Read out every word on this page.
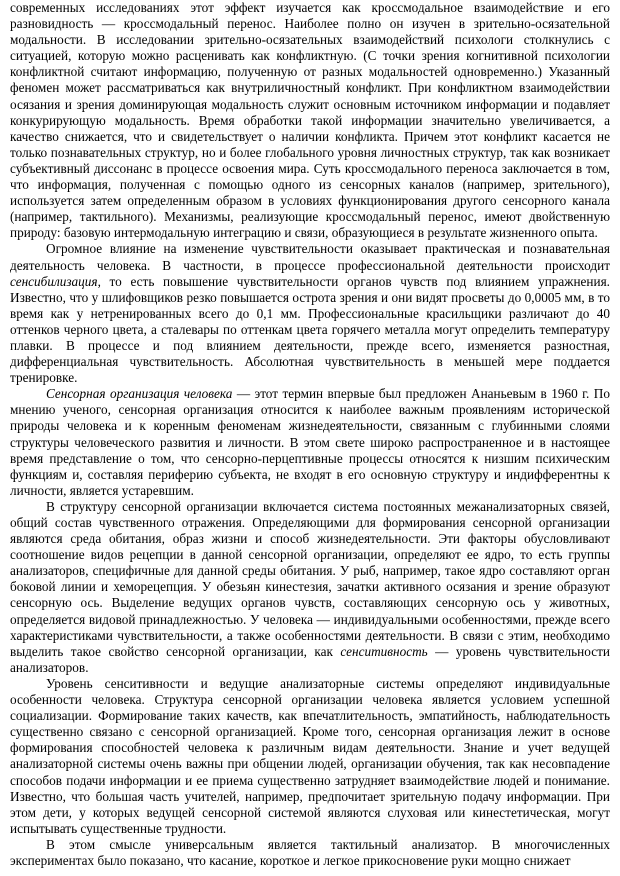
современных исследованиях этот эффект изучается как кроссмодальное взаимодействие и его разновидность — кроссмодальный перенос. Наиболее полно он изучен в зрительно-осязательной модальности. В исследовании зрительно-осязательных взаимодействий психологи столкнулись с ситуацией, которую можно расценивать как конфликтную. (С точки зрения когнитивной психологии конфликтной считают информацию, полученную от разных модальностей одновременно.) Указанный феномен может рассматриваться как внутриличностный конфликт. При конфликтном взаимодействии осязания и зрения доминирующая модальность служит основным источником информации и подавляет конкурирующую модальность. Время обработки такой информации значительно увеличивается, а качество снижается, что и свидетельствует о наличии конфликта. Причем этот конфликт касается не только познавательных структур, но и более глобального уровня личностных структур, так как возникает субъективный диссонанс в процессе освоения мира. Суть кроссмодального переноса заключается в том, что информация, полученная с помощью одного из сенсорных каналов (например, зрительного), используется затем определенным образом в условиях функционирования другого сенсорного канала (например, тактильного). Механизмы, реализующие кроссмодальный перенос, имеют двойственную природу: базовую интермодальную интеграцию и связи, образующиеся в результате жизненного опыта.

Огромное влияние на изменение чувствительности оказывает практическая и познавательная деятельность человека. В частности, в процессе профессиональной деятельности происходит сенсибилизация, то есть повышение чувствительности органов чувств под влиянием упражнения. Известно, что у шлифовщиков резко повышается острота зрения и они видят просветы до 0,0005 мм, в то время как у нетренированных всего до 0,1 мм. Профессиональные красильщики различают до 40 оттенков черного цвета, а сталевары по оттенкам цвета горячего металла могут определить температуру плавки. В процессе и под влиянием деятельности, прежде всего, изменяется разностная, дифференциальная чувствительность. Абсолютная чувствительность в меньшей мере поддается тренировке.

Сенсорная организация человека — этот термин впервые был предложен Ананьевым в 1960 г. По мнению ученого, сенсорная организация относится к наиболее важным проявлениям исторической природы человека и к коренным феноменам жизнедеятельности, связанным с глубинными слоями структуры человеческого развития и личности. В этом свете широко распространенное и в настоящее время представление о том, что сенсорно-перцептивные процессы относятся к низшим психическим функциям и, составляя периферию субъекта, не входят в его основную структуру и индифферентны к личности, является устаревшим.

В структуру сенсорной организации включается система постоянных межанализаторных связей, общий состав чувственного отражения. Определяющими для формирования сенсорной организации являются среда обитания, образ жизни и способ жизнедеятельности. Эти факторы обусловливают соотношение видов рецепции в данной сенсорной организации, определяют ее ядро, то есть группы анализаторов, специфичные для данной среды обитания. У рыб, например, такое ядро составляют орган боковой линии и хеморецепция. У обезьян кинестезия, зачатки активного осязания и зрение образуют сенсорную ось. Выделение ведущих органов чувств, составляющих сенсорную ось у животных, определяется видовой принадлежностью. У человека — индивидуальными особенностями, прежде всего характеристиками чувствительности, а также особенностями деятельности. В связи с этим, необходимо выделить такое свойство сенсорной организации, как сенситивность — уровень чувствительности анализаторов.

Уровень сенситивности и ведущие анализаторные системы определяют индивидуальные особенности человека. Структура сенсорной организации человека является условием успешной социализации. Формирование таких качеств, как впечатлительность, эмпатийность, наблюдательность существенно связано с сенсорной организацией. Кроме того, сенсорная организация лежит в основе формирования способностей человека к различным видам деятельности. Знание и учет ведущей анализаторной системы очень важны при общении людей, организации обучения, так как несовпадение способов подачи информации и ее приема существенно затрудняет взаимодействие людей и понимание. Известно, что большая часть учителей, например, предпочитает зрительную подачу информации. При этом дети, у которых ведущей сенсорной системой являются слуховая или кинестетическая, могут испытывать существенные трудности.

В этом смысле универсальным является тактильный анализатор. В многочисленных экспериментах было показано, что касание, короткое и легкое прикосновение руки мощно снижает
